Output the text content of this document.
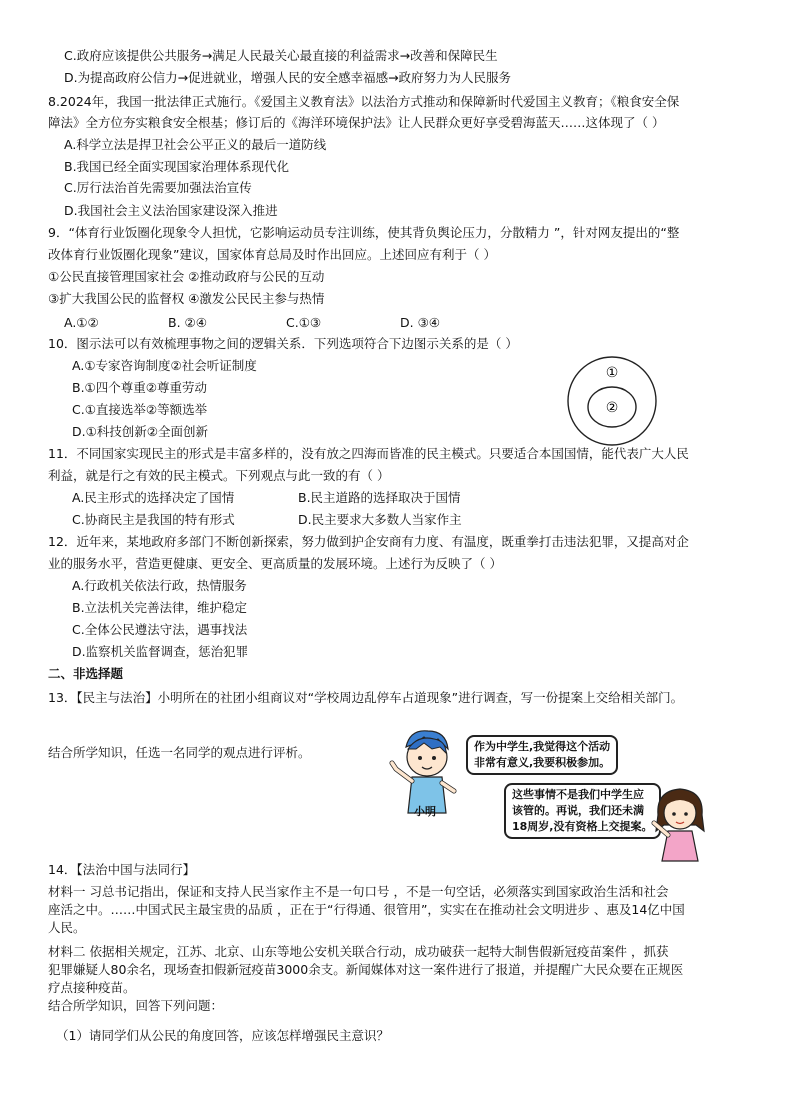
C.政府应该提供公共服务→满足人民最关心最直接的利益需求→改善和保障民生
D.为提高政府公信力→促进就业，增强人民的安全感幸福感→政府努力为人民服务
8.2024年，我国一批法律正式施行。《爱国主义教育法》以法治方式推动和保障新时代爱国主义教育；《粮食安全保
障法》全方位夯实粮食安全根基；修订后的《海洋环境保护法》让人民群众更好享受碧海蓝天……这体现了（ ）
A.科学立法是捍卫社会公平正义的最后一道防线
B.我国已经全面实现国家治理体系现代化
C.厉行法治首先需要加强法治宣传
D.我国社会主义法治国家建设深入推进
9．“体育行业饭圈化现象令人担忧，它影响运动员专注训练，使其背负舆论压力，分散精力 ”，针对网友提出的“整
改体育行业饭圈化现象”建议，国家体育总局及时作出回应。上述回应有利于（ ）
①公民直接管理国家社会 ②推动政府与公民的互动
③扩大我国公民的监督权 ④激发公民民主参与热情
A.①②	B. ②④	C.①③	D. ③④
10．图示法可以有效梳理事物之间的逻辑关系．下列选项符合下边图示关系的是（ ）
A.①专家咨询制度②社会听证制度
B.①四个尊重②尊重劳动
C.①直接选举②等额选举
D.①科技创新②全面创新
①
②
11．不同国家实现民主的形式是丰富多样的，没有放之四海而皆准的民主模式。只要适合本国国情，能代表广大人民
利益，就是行之有效的民主模式。下列观点与此一致的有（ ）
A.民主形式的选择决定了国情	B.民主道路的选择取决于国情
C.协商民主是我国的特有形式	D.民主要求大多数人当家作主
12．近年来，某地政府多部门不断创新探索，努力做到护企安商有力度、有温度，既重拳打击违法犯罪，又提高对企
业的服务水平，营造更健康、更安全、更高质量的发展环境。上述行为反映了（ ）
A.行政机关依法行政，热情服务
B.立法机关完善法律，维护稳定
C.全体公民遵法守法，遇事找法
D.监察机关监督调查，惩治犯罪
二、非选择题
13．【民主与法治】小明所在的社团小组商议对“学校周边乱停车占道现象”进行调查，写一份提案上交给相关部门。
结合所学知识，任选一名同学的观点进行评析。
小明
作为中学生,我觉得这个活动
非常有意义,我要积极参加。
这些事情不是我们中学生应
该管的。再说，我们还未满
18周岁,没有资格上交提案。
14．【法治中国与法同行】
材料一 习总书记指出，保证和支持人民当家作主不是一句口号 ，不是一句空话，必须落实到国家政治生活和社会
座活之中。……中国式民主最宝贵的品质 ，正在于“行得通、很管用”，实实在在推动社会文明进步 、惠及14亿中国
人民。
材料二 依据相关规定，江苏、北京、山东等地公安机关联合行动，成功破获一起特大制售假新冠疫苗案件 ，抓获
犯罪嫌疑人80余名，现场查扣假新冠疫苗3000余支。新闻媒体对这一案件进行了报道，并提醒广大民众要在正规医
疗点接种疫苗。
结合所学知识，回答下列问题：
（1）请同学们从公民的角度回答，应该怎样增强民主意识？
